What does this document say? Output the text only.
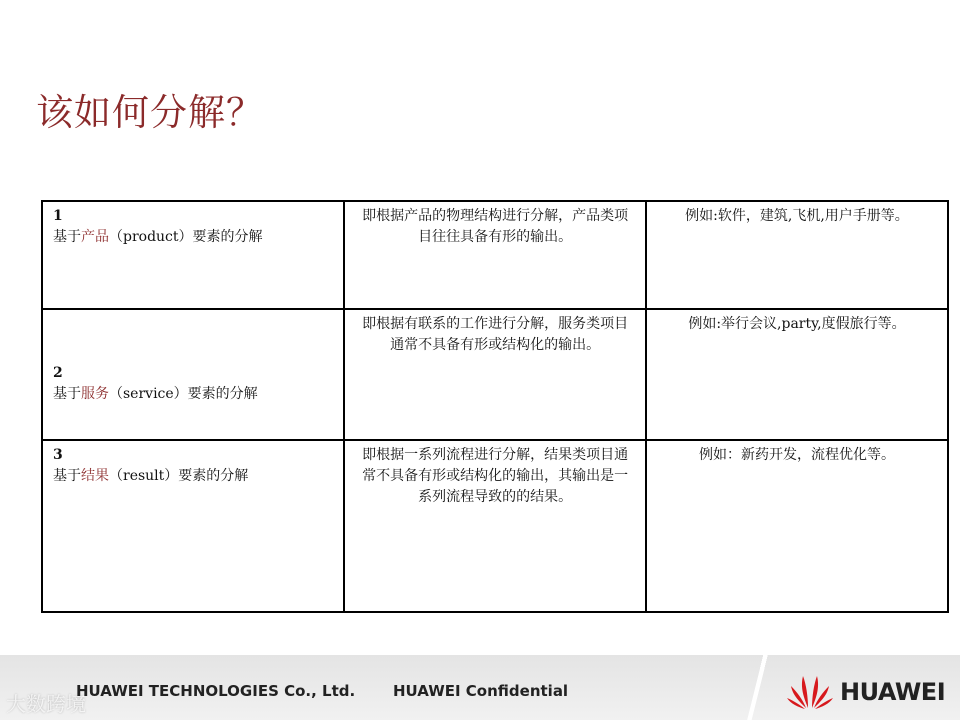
该如何分解？
1
基于产品（product）要素的分解	即根据产品的物理结构进行分解，产品类项目往往具备有形的输出。	例如:软件，建筑,飞机,用户手册等。

2
基于服务（service）要素的分解	即根据有联系的工作进行分解，服务类项目通常不具备有形或结构化的输出。	例如:举行会议,party,度假旅行等。

3
基于结果（result）要素的分解	即根据一系列流程进行分解，结果类项目通常不具备有形或结构化的输出，其输出是一系列流程导致的的结果。	例如：新药开发，流程优化等。
大数跨境
HUAWEI TECHNOLOGIES Co., Ltd.	HUAWEI Confidential	HUAWEI
